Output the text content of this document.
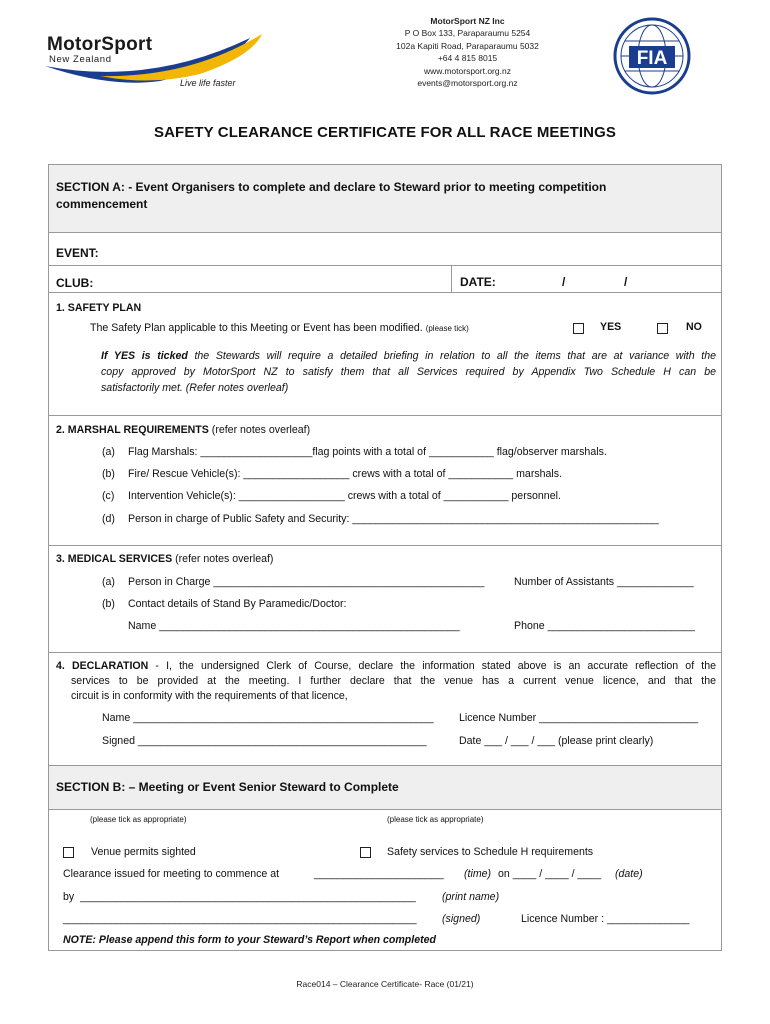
MotorSport
New Zealand
Live life faster
MotorSport NZ Inc
P O Box 133, Paraparaumu 5254
102a Kapiti Road, Paraparaumu 5032
+64 4 815 8015
www.motorsport.org.nz
events@motorsport.org.nz
FIA
SAFETY CLEARANCE CERTIFICATE FOR ALL RACE MEETINGS
SECTION A: - Event Organisers to complete and declare to Steward prior to meeting competition
commencement
EVENT:
CLUB:	DATE:	/	/
1. SAFETY PLAN
The Safety Plan applicable to this Meeting or Event has been modified. (please tick)	YES	NO
If YES is ticked the Stewards will require a detailed briefing in relation to all the items that are at variance with the
copy approved by MotorSport NZ to satisfy them that all Services required by Appendix Two Schedule H can be
satisfactorily met. (Refer notes overleaf)
2. MARSHAL REQUIREMENTS (refer notes overleaf)
(a) Flag Marshals: ___________________flag points with a total of ___________ flag/observer marshals.
(b) Fire/ Rescue Vehicle(s): __________________ crews with a total of ___________ marshals.
(c) Intervention Vehicle(s): __________________ crews with a total of ___________ personnel.
(d) Person in charge of Public Safety and Security: ____________________________________________________
3. MEDICAL SERVICES (refer notes overleaf)
(a) Person in Charge ______________________________________________	Number of Assistants _____________
(b) Contact details of Stand By Paramedic/Doctor:
Name ___________________________________________________	Phone _________________________
4. DECLARATION - I, the undersigned Clerk of Course, declare the information stated above is an accurate reflection of the
services to be provided at the meeting. I further declare that the venue has a current venue licence, and that the
circuit is in conformity with the requirements of that licence,
Name ___________________________________________________ Licence Number ___________________________
Signed _________________________________________________	Date ___ / ___ / ___ (please print clearly)
SECTION B: – Meeting or Event Senior Steward to Complete
(please tick as appropriate)	(please tick as appropriate)
Venue permits sighted	Safety services to Schedule H requirements
Clearance issued for meeting to commence at	______________________ (time) on ____ / ____ / ____ (date)
by _________________________________________________________ (print name)
____________________________________________________________ (signed)	Licence Number : ______________
NOTE: Please append this form to your Steward’s Report when completed
Race014 – Clearance Certificate- Race (01/21)
